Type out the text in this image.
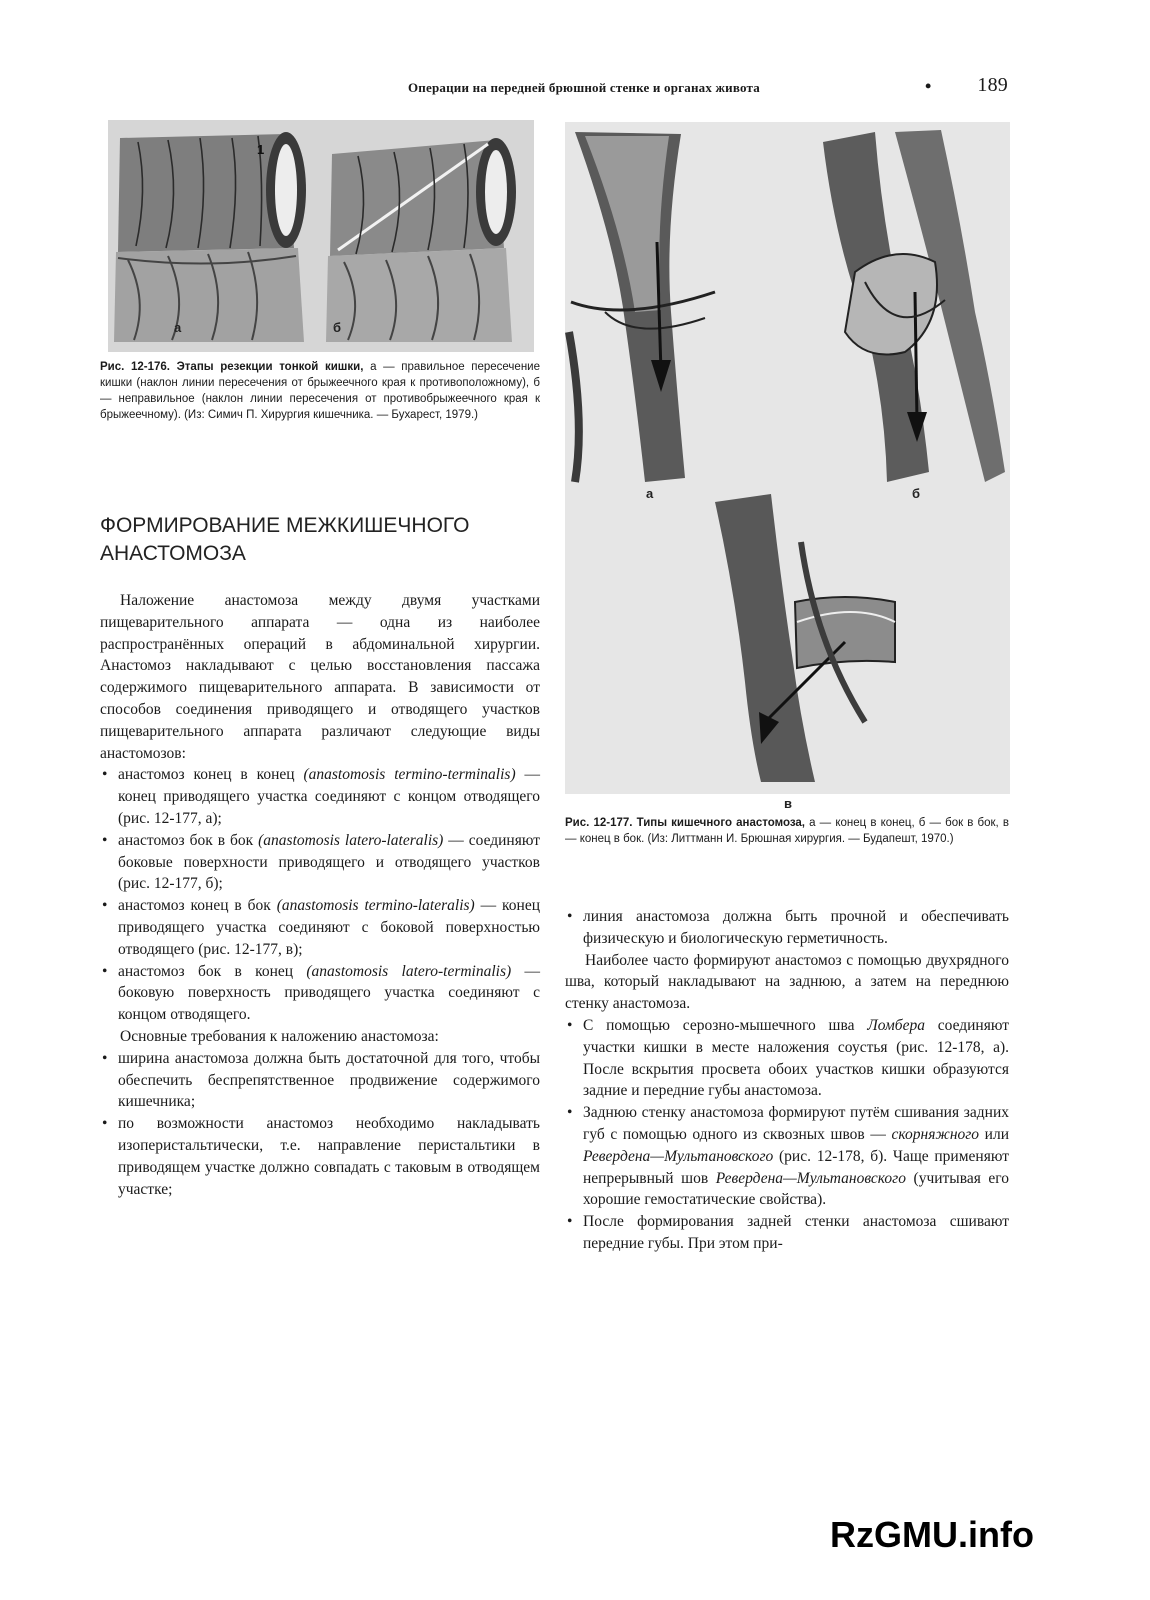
Операции на передней брюшной стенке и органах живота	• 189
а	б
1
Рис. 12-176. Этапы резекции тонкой кишки, а — правильное пересечение кишки (наклон линии пересечения от брыжеечного края к противоположному), б — неправильное (наклон линии пересечения от противобрыжеечного края к брыжеечному). (Из: Симич П. Хирургия кишечника. — Бухарест, 1979.)
а	б
в
Рис. 12-177. Типы кишечного анастомоза, а — конец в конец, б — бок в бок, в — конец в бок. (Из: Литтманн И. Брюшная хирургия. — Будапешт, 1970.)
ФОРМИРОВАНИЕ МЕЖКИШЕЧНОГО АНАСТОМОЗА

Наложение анастомоза между двумя участками пищеварительного аппарата — одна из наиболее распространённых операций в абдоминальной хирургии. Анастомоз накладывают с целью восстановления пассажа содержимого пищеварительного аппарата. В зависимости от способов соединения приводящего и отводящего участков пищеварительного аппарата различают следующие виды анастомозов:

• анастомоз конец в конец (anastomosis termino-terminalis) — конец приводящего участка соединяют с концом отводящего (рис. 12-177, а);
• анастомоз бок в бок (anastomosis latero-lateralis) — соединяют боковые поверхности приводящего и отводящего участков (рис. 12-177, б);
• анастомоз конец в бок (anastomosis termino-lateralis) — конец приводящего участка соединяют с боковой поверхностью отводящего (рис. 12-177, в);
• анастомоз бок в конец (anastomosis latero-terminalis) — боковую поверхность приводящего участка соединяют с концом отводящего.

Основные требования к наложению анастомоза:

• ширина анастомоза должна быть достаточной для того, чтобы обеспечить беспрепятственное продвижение содержимого кишечника;
• по возможности анастомоз необходимо накладывать изоперистальтически, т.е. направление перистальтики в приводящем участке должно совпадать с таковым в отводящем участке;
• линия анастомоза должна быть прочной и обеспечивать физическую и биологическую герметичность.

Наиболее часто формируют анастомоз с помощью двухрядного шва, который накладывают на заднюю, а затем на переднюю стенку анастомоза.

• С помощью серозно-мышечного шва Ломбера соединяют участки кишки в месте наложения соустья (рис. 12-178, а). После вскрытия просвета обоих участков кишки образуются задние и передние губы анастомоза.
• Заднюю стенку анастомоза формируют путём сшивания задних губ с помощью одного из сквозных швов — скорняжного или Ревердена—Мультановского (рис. 12-178, б). Чаще применяют непрерывный шов Ревердена—Мультановского (учитывая его хорошие гемостатические свойства).
• После формирования задней стенки анастомоза сшивают передние губы. При этом при-
RzGMU.info
